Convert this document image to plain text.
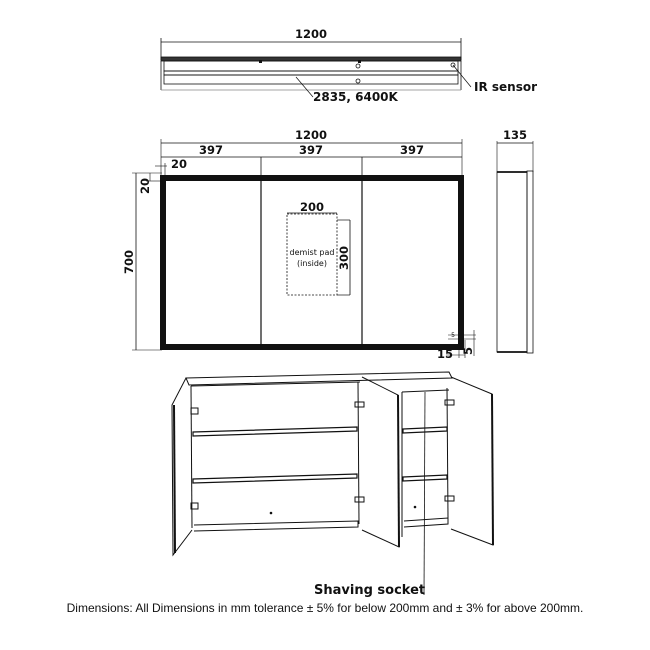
1200
2835, 6400K
IR sensor
1200
397	397	397
20
20
700
200
300
demist pad
(inside)
15
5
5
135
Shaving socket
Dimensions: All Dimensions in mm tolerance ± 5% for below 200mm and ± 3% for above 200mm.
